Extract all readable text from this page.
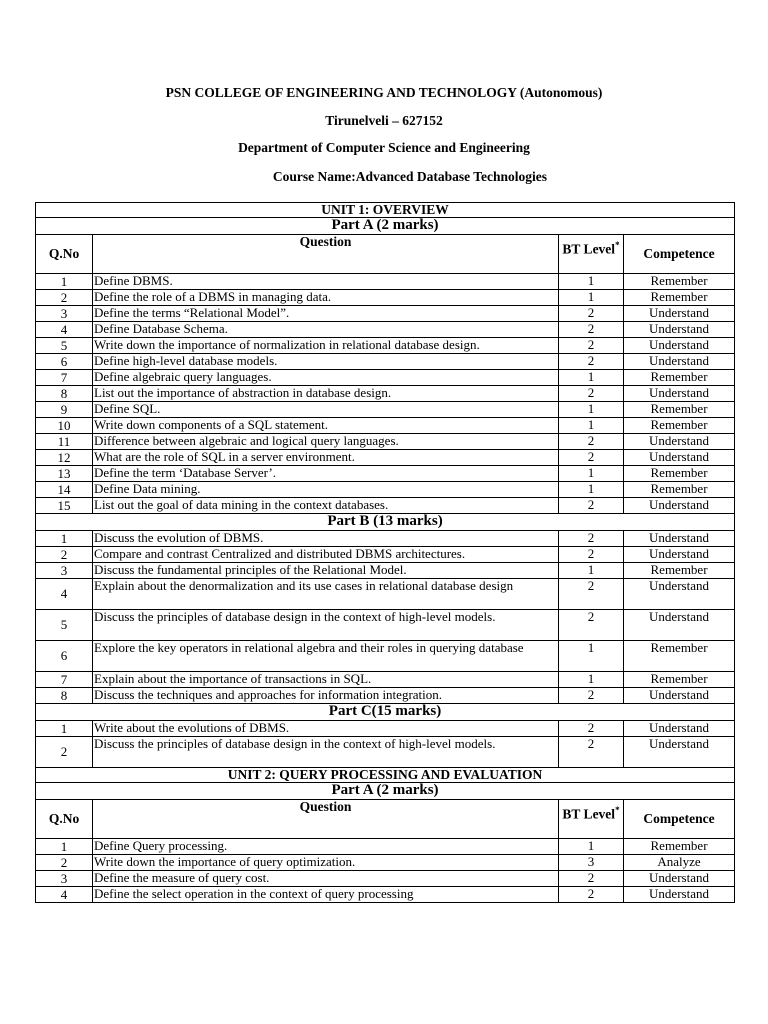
PSN COLLEGE OF ENGINEERING AND TECHNOLOGY (Autonomous)
Tirunelveli – 627152
Department of Computer Science and Engineering
Course Name:Advanced Database Technologies
UNIT 1: OVERVIEW			
Part A (2 marks)			
Q.No	Question	BT Level*	Competence
1	Define DBMS.	1	Remember
2	Define the role of a DBMS in managing data.	1	Remember
3	Define the terms “Relational Model”.	2	Understand
4	Define Database Schema.	2	Understand
5	Write down the importance of normalization in relational database design.	2	Understand
6	Define high-level database models.	2	Understand
7	Define algebraic query languages.	1	Remember
8	List out the importance of abstraction in database design.	2	Understand
9	Define SQL.	1	Remember
10	Write down components of a SQL statement.	1	Remember
11	Difference between algebraic and logical query languages.	2	Understand
12	What are the role of SQL in a server environment.	2	Understand
13	Define the term ‘Database Server’.	1	Remember
14	Define Data mining.	1	Remember
15	List out the goal of data mining in the context databases.	2	Understand
Part B (13 marks)			
1	Discuss the evolution of DBMS.	2	Understand
2	Compare and contrast Centralized and distributed DBMS architectures.	2	Understand
3	Discuss the fundamental principles of the Relational Model.	1	Remember
4	Explain about the denormalization and its use cases in relational database design	2	Understand
5	Discuss the principles of database design in the context of high-level models.	2	Understand
6	Explore the key operators in relational algebra and their roles in querying database	1	Remember
7	Explain about the importance of transactions in SQL.	1	Remember
8	Discuss the techniques and approaches for information integration.	2	Understand
Part C(15 marks)			
1	Write about the evolutions of DBMS.	2	Understand
2	Discuss the principles of database design in the context of high-level models.	2	Understand
UNIT 2: QUERY PROCESSING AND EVALUATION			
Part A (2 marks)			
Q.No	Question	BT Level*	Competence
1	Define Query processing.	1	Remember
2	Write down the importance of query optimization.	3	Analyze
3	Define the measure of query cost.	2	Understand
4	Define the select operation in the context of query processing	2	Understand
